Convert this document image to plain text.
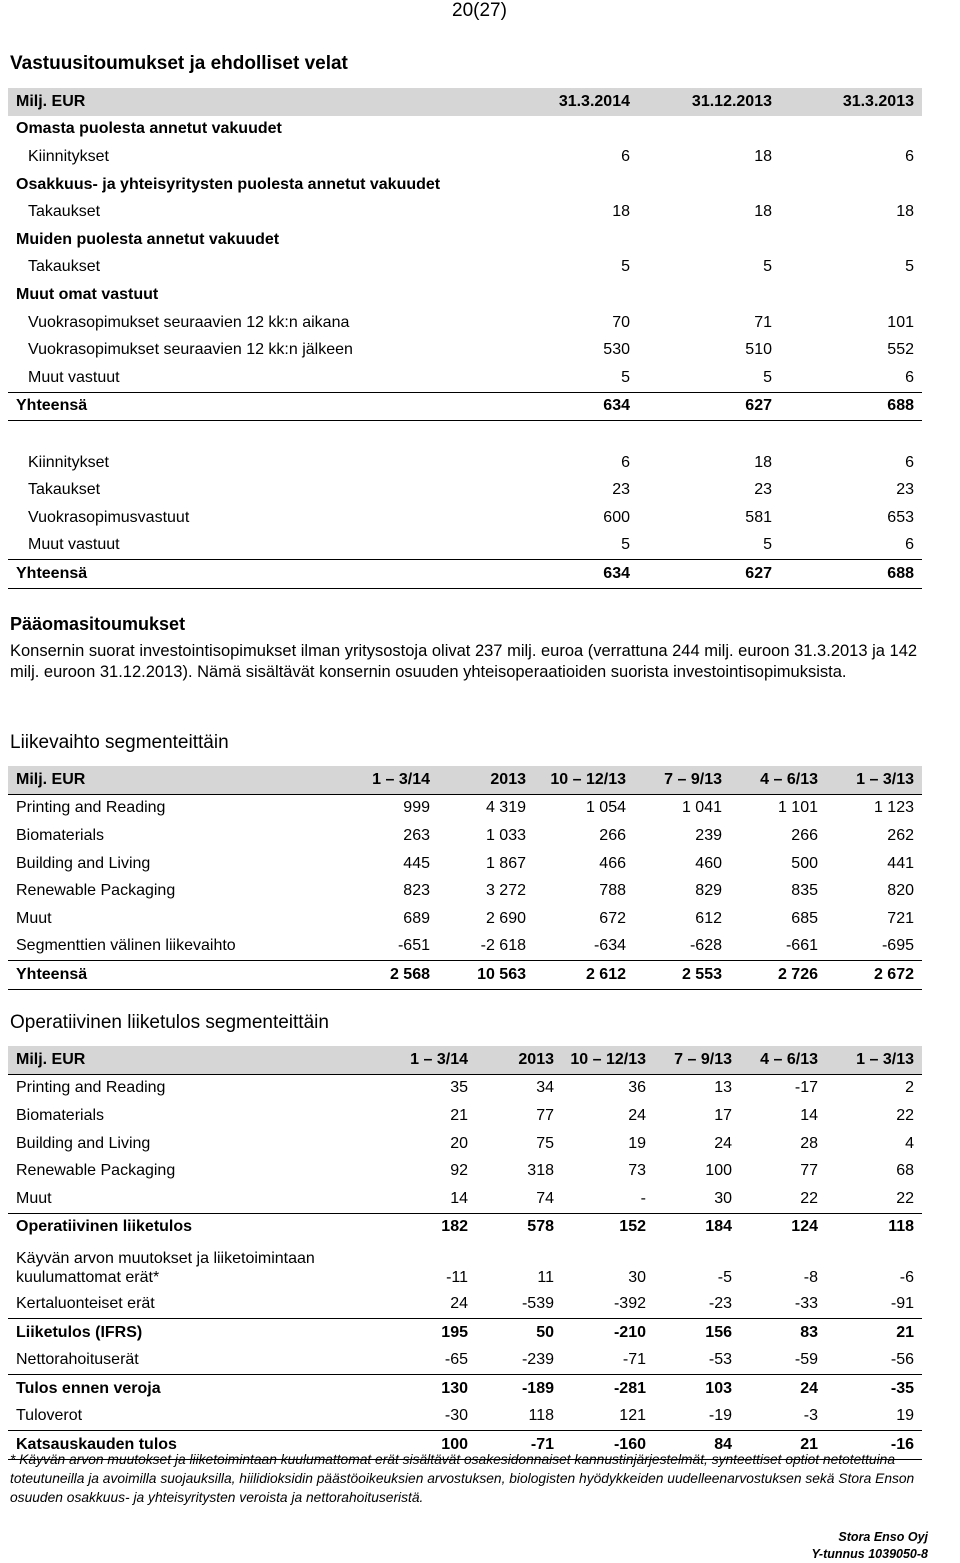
20(27)
Vastuusitoumukset ja ehdolliset velat
Milj. EUR	31.3.2014	31.12.2013	31.3.2013
Omasta puolesta annetut vakuudet			
Kiinnitykset	6	18	6
Osakkuus- ja yhteisyritysten puolesta annetut vakuudet			
Takaukset	18	18	18
Muiden puolesta annetut vakuudet			
Takaukset	5	5	5
Muut omat vastuut			
Vuokrasopimukset seuraavien 12 kk:n aikana	70	71	101
Vuokrasopimukset seuraavien 12 kk:n jälkeen	530	510	552
Muut vastuut	5	5	6
Yhteensä	634	627	688

Kiinnitykset	6	18	6
Takaukset	23	23	23
Vuokrasopimusvastuut	600	581	653
Muut vastuut	5	5	6
Yhteensä	634	627	688
Pääomasitoumukset
Konsernin suorat investointisopimukset ilman yritysostoja olivat 237 milj. euroa (verrattuna 244 milj. euroon 31.3.2013 ja 142 milj. euroon 31.12.2013). Nämä sisältävät konsernin osuuden yhteisoperaatioiden suorista investointisopimuksista.
Liikevaihto segmenteittäin
Milj. EUR	1 – 3/14	2013	10 – 12/13	7 – 9/13	4 – 6/13	1 – 3/13
Printing and Reading	999	4 319	1 054	1 041	1 101	1 123
Biomaterials	263	1 033	266	239	266	262
Building and Living	445	1 867	466	460	500	441
Renewable Packaging	823	3 272	788	829	835	820
Muut	689	2 690	672	612	685	721
Segmenttien välinen liikevaihto	-651	-2 618	-634	-628	-661	-695
Yhteensä	2 568	10 563	2 612	2 553	2 726	2 672
Operatiivinen liiketulos segmenteittäin
Milj. EUR	1 – 3/14	2013	10 – 12/13	7 – 9/13	4 – 6/13	1 – 3/13
Printing and Reading	35	34	36	13	-17	2
Biomaterials	21	77	24	17	14	22
Building and Living	20	75	19	24	28	4
Renewable Packaging	92	318	73	100	77	68
Muut	14	74	-	30	22	22
Operatiivinen liiketulos	182	578	152	184	124	118
Käyvän arvon muutokset ja liiketoimintaan kuulumattomat erät*	-11	11	30	-5	-8	-6
Kertaluonteiset erät	24	-539	-392	-23	-33	-91
Liiketulos (IFRS)	195	50	-210	156	83	21
Nettorahoituserät	-65	-239	-71	-53	-59	-56
Tulos ennen veroja	130	-189	-281	103	24	-35
Tuloverot	-30	118	121	-19	-3	19
Katsauskauden tulos	100	-71	-160	84	21	-16
* Käyvän arvon muutokset ja liiketoimintaan kuulumattomat erät sisältävät osakesidonnaiset kannustinjärjestelmät, synteettiset optiot netotettuina toteutuneilla ja avoimilla suojauksilla, hiilidioksidin päästöoikeuksien arvostuksen, biologisten hyödykkeiden uudelleenarvostuksen sekä Stora Enson osuuden osakkuus- ja yhteisyritysten veroista ja nettorahoituseristä.
Stora Enso Oyj
Y-tunnus 1039050-8
